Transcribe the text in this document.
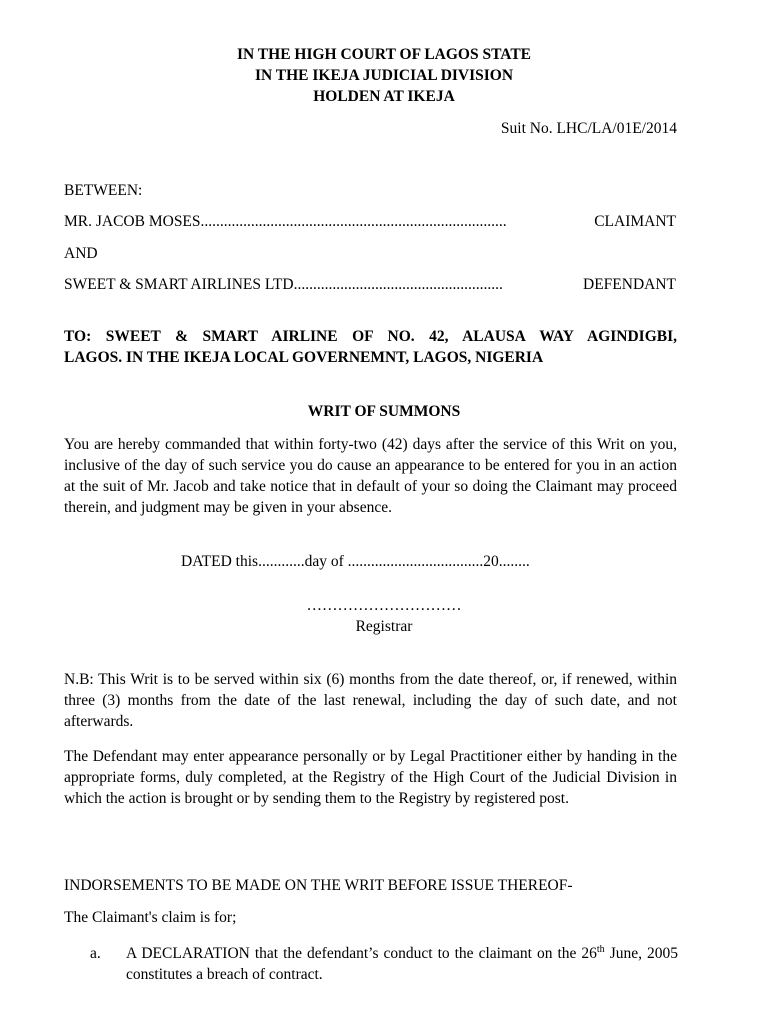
IN THE HIGH COURT OF LAGOS STATE
IN THE IKEJA JUDICIAL DIVISION
HOLDEN AT IKEJA
Suit No. LHC/LA/01E/2014
BETWEEN:
MR. JACOB MOSES ...............................................................................	CLAIMANT
AND
SWEET & SMART AIRLINES LTD ......................................................	DEFENDANT
TO: SWEET & SMART AIRLINE OF NO. 42, ALAUSA WAY AGINDIGBI,
LAGOS. IN THE IKEJA LOCAL GOVERNEMNT, LAGOS, NIGERIA
WRIT OF SUMMONS
You are hereby commanded that within forty-two (42) days after the service of this Writ on you, inclusive of the day of such service you do cause an appearance to be entered for you in an action at the suit of Mr. Jacob and take notice that in default of your so doing the Claimant may proceed therein, and judgment may be given in your absence.
DATED this............day of ...................................20........
…………………………
Registrar
N.B: This Writ is to be served within six (6) months from the date thereof, or, if renewed, within three (3) months from the date of the last renewal, including the day of such date, and not afterwards.
The Defendant may enter appearance personally or by Legal Practitioner either by handing in the appropriate forms, duly completed, at the Registry of the High Court of the Judicial Division in which the action is brought or by sending them to the Registry by registered post.
INDORSEMENTS TO BE MADE ON THE WRIT BEFORE ISSUE THEREOF-
The Claimant's claim is for;
a. A DECLARATION that the defendant’s conduct to the claimant on the 26th June, 2005 constitutes a breach of contract.
